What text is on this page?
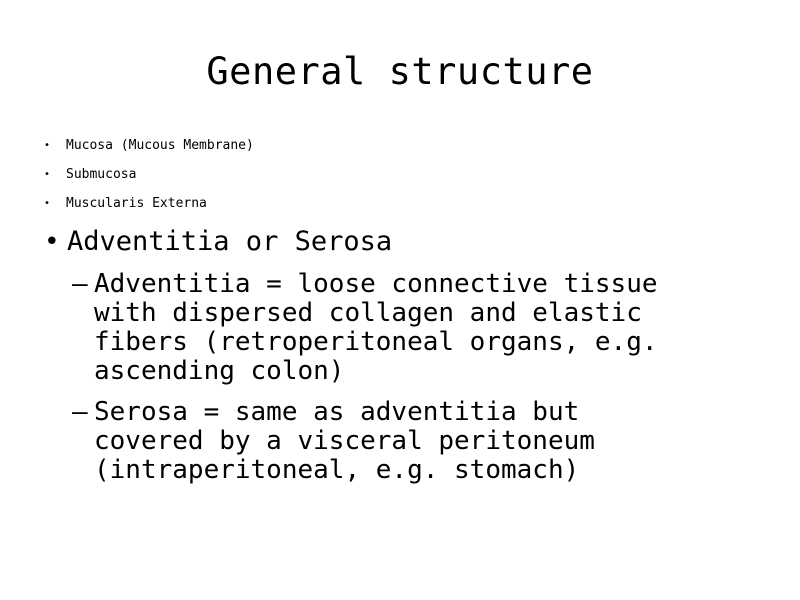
General structure
• Mucosa (Mucous Membrane)
• Submucosa
• Muscularis Externa
• Adventitia or Serosa
– Adventitia = loose connective tissue
with dispersed collagen and elastic
fibers (retroperitoneal organs, e.g.
ascending colon)
– Serosa = same as adventitia but
covered by a visceral peritoneum
(intraperitoneal, e.g. stomach)
